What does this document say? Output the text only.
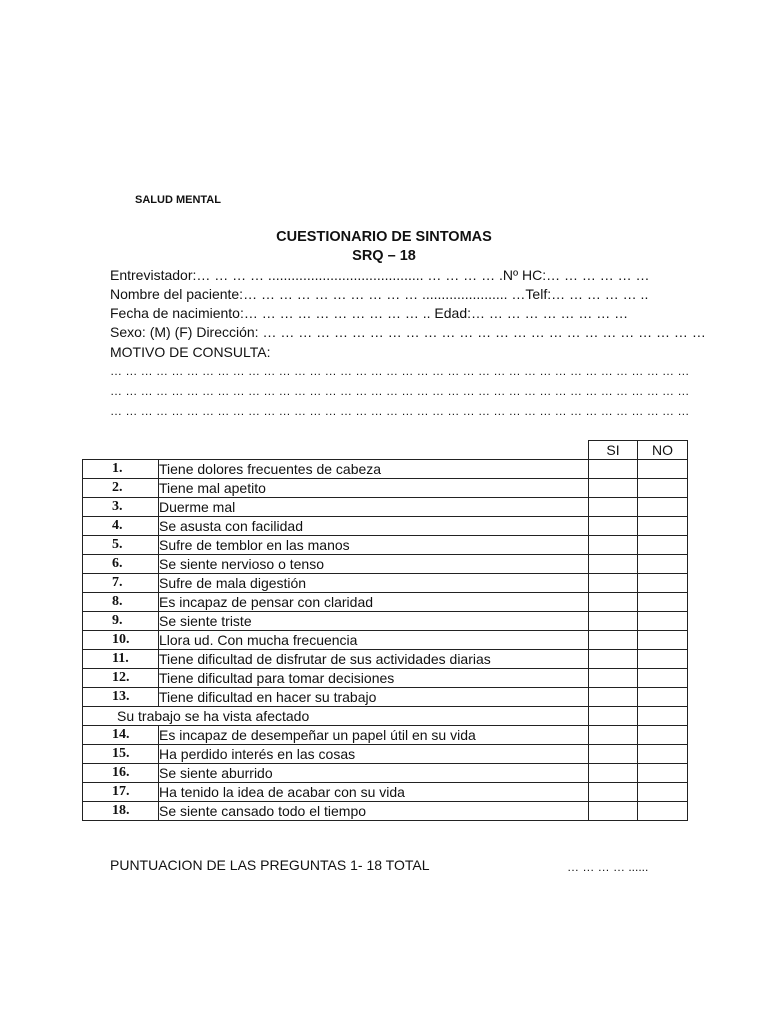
SALUD MENTAL
CUESTIONARIO DE SINTOMAS
SRQ – 18
Entrevistador:… … … … ........................................ … … … … .Nº HC:… … … … … …
Nombre del paciente:… … … … … … … … … … ...................... …Telf:… … … … … ..
Fecha de nacimiento:… … … … … … … … … … .. Edad:… … … … … … … … …
Sexo: (M) (F) Dirección: … … … … … … … … … … … … … … … … … … … … … … … … …
MOTIVO DE CONSULTA:
… … … … … … … … … … … … … … … … … … … … … … … … … … … … … … … … … … … … … …
… … … … … … … … … … … … … … … … … … … … … … … … … … … … … … … … … … … … … …
… … … … … … … … … … … … … … … … … … … … … … … … … … … … … … … … … … … … … …
		SI	NO
1.	Tiene dolores frecuentes de cabeza		
2.	Tiene mal apetito		
3.	Duerme mal		
4.	Se asusta con facilidad		
5.	Sufre de temblor en las manos		
6.	Se siente nervioso o tenso		
7.	Sufre de mala digestión		
8.	Es incapaz de pensar con claridad		
9.	Se siente triste		
10.	Llora ud. Con mucha frecuencia		
11.	Tiene dificultad de disfrutar de sus actividades diarias		
12.	Tiene dificultad para tomar decisiones		
13.	Tiene dificultad en hacer su trabajo		
Su trabajo se ha vista afectado			
14.	Es incapaz de desempeñar un papel útil en su vida		
15.	Ha perdido interés en las cosas		
16.	Se siente aburrido		
17.	Ha tenido la idea de acabar con su vida		
18.	Se siente cansado todo el tiempo		
PUNTUACION DE LAS PREGUNTAS 1- 18 TOTAL	… … … … ......
